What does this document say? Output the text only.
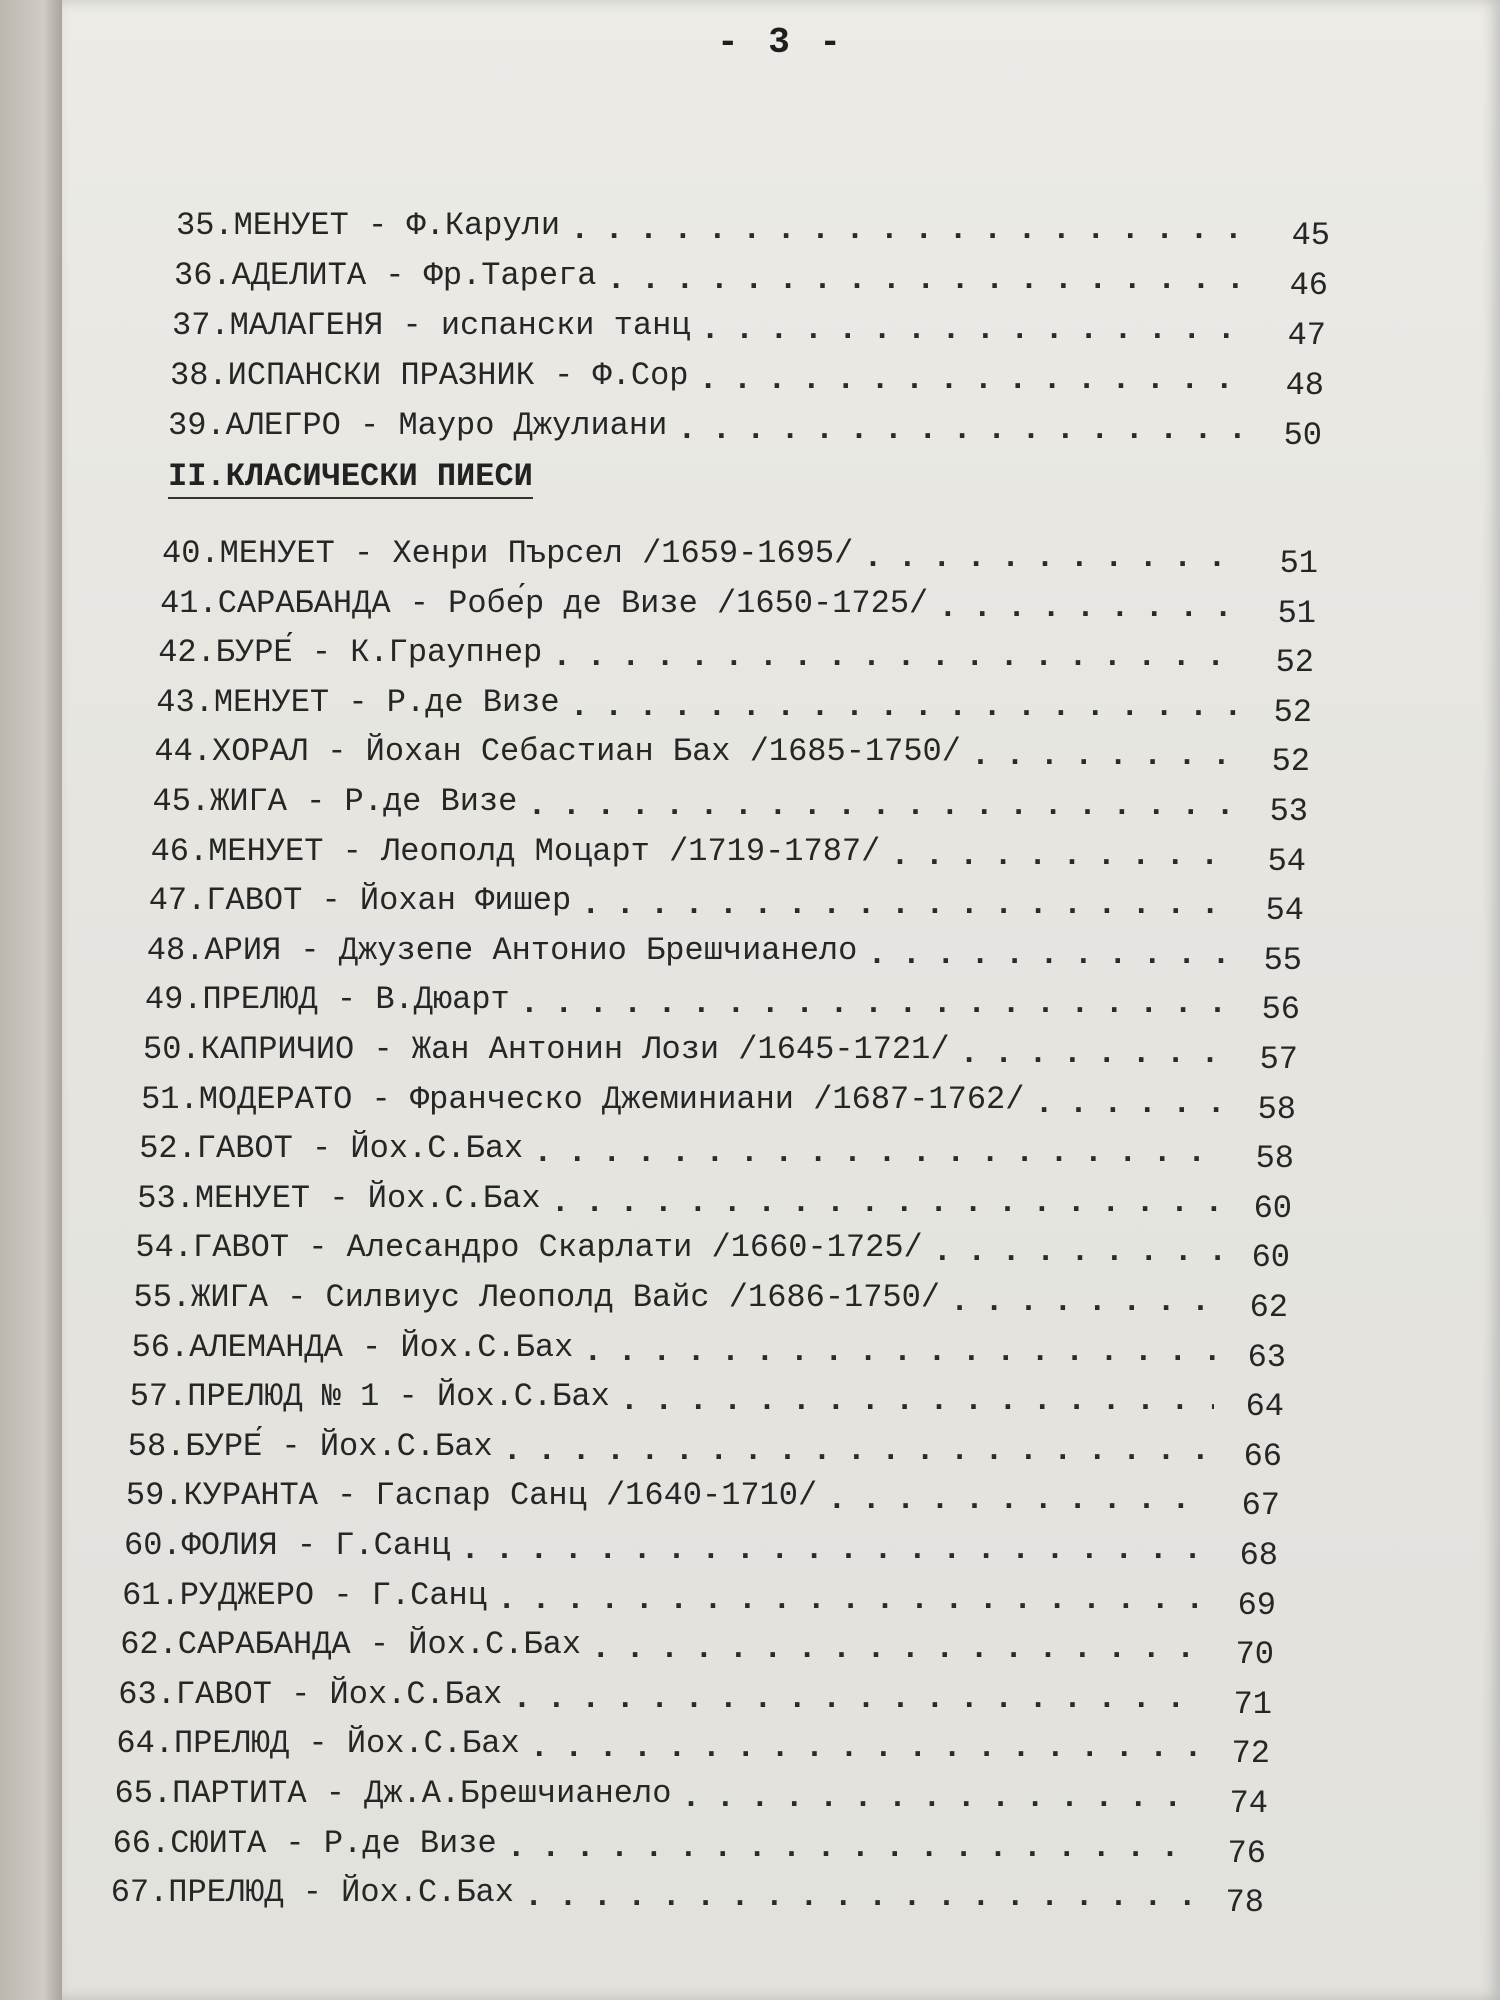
- 3 -
II.КЛАСИЧЕСКИ ПИЕСИ
35.МЕНУЕТ - Ф.Карули . . .	45
36.АДЕЛИТА - Фр.Тарега . . .	46
37.МАЛАГЕНЯ - испански танц . . .	47
38.ИСПАНСКИ ПРАЗНИК - Ф.Сор . . .	48
39.АЛЕГРО - Мауро Джулиани . . .	50
40.МЕНУЕТ - Хенри Пърсел /1659-1695/ . . .	51
41.САРАБАНДА - Робе́р де Визе /1650-1725/ . . .	51
42.БУРЕ́ - К.Граупнер . . .	52
43.МЕНУЕТ - Р.де Визе . . .	52
44.ХОРАЛ - Йохан Себастиан Бах /1685-1750/ . . .	52
45.ЖИГА - Р.де Визе . . .	53
46.МЕНУЕТ - Леополд Моцарт /1719-1787/ . . .	54
47.ГАВОТ - Йохан Фишер . . .	54
48.АРИЯ - Джузепе Антонио Брешчианело . . .	55
49.ПРЕЛЮД - В.Дюарт . . .	56
50.КАПРИЧИО - Жан Антонин Лози /1645-1721/ . . .	57
51.МОДЕРАТО - Франческо Джеминиани /1687-1762/ . . .	58
52.ГАВОТ - Йох.С.Бах . . .	58
53.МЕНУЕТ - Йох.С.Бах . . .	60
54.ГАВОТ - Алесандро Скарлати /1660-1725/ . . .	60
55.ЖИГА - Силвиус Леополд Вайс /1686-1750/ . . .	62
56.АЛЕМАНДА - Йох.С.Бах . . .	63
57.ПРЕЛЮД № 1 - Йох.С.Бах . . .	64
58.БУРЕ́ - Йох.С.Бах . . .	66
59.КУРАНТА - Гаспар Санц /1640-1710/ . . .	67
60.ФОЛИЯ - Г.Санц . . .	68
61.РУДЖЕРО - Г.Санц . . .	69
62.САРАБАНДА - Йох.С.Бах . . .	70
63.ГАВОТ - Йох.С.Бах . . .	71
64.ПРЕЛЮД - Йох.С.Бах . . .	72
65.ПАРТИТА - Дж.А.Брешчианело . . .	74
66.СЮИТА - Р.де Визе . . .	76
67.ПРЕЛЮД - Йох.С.Бах . . .	78
